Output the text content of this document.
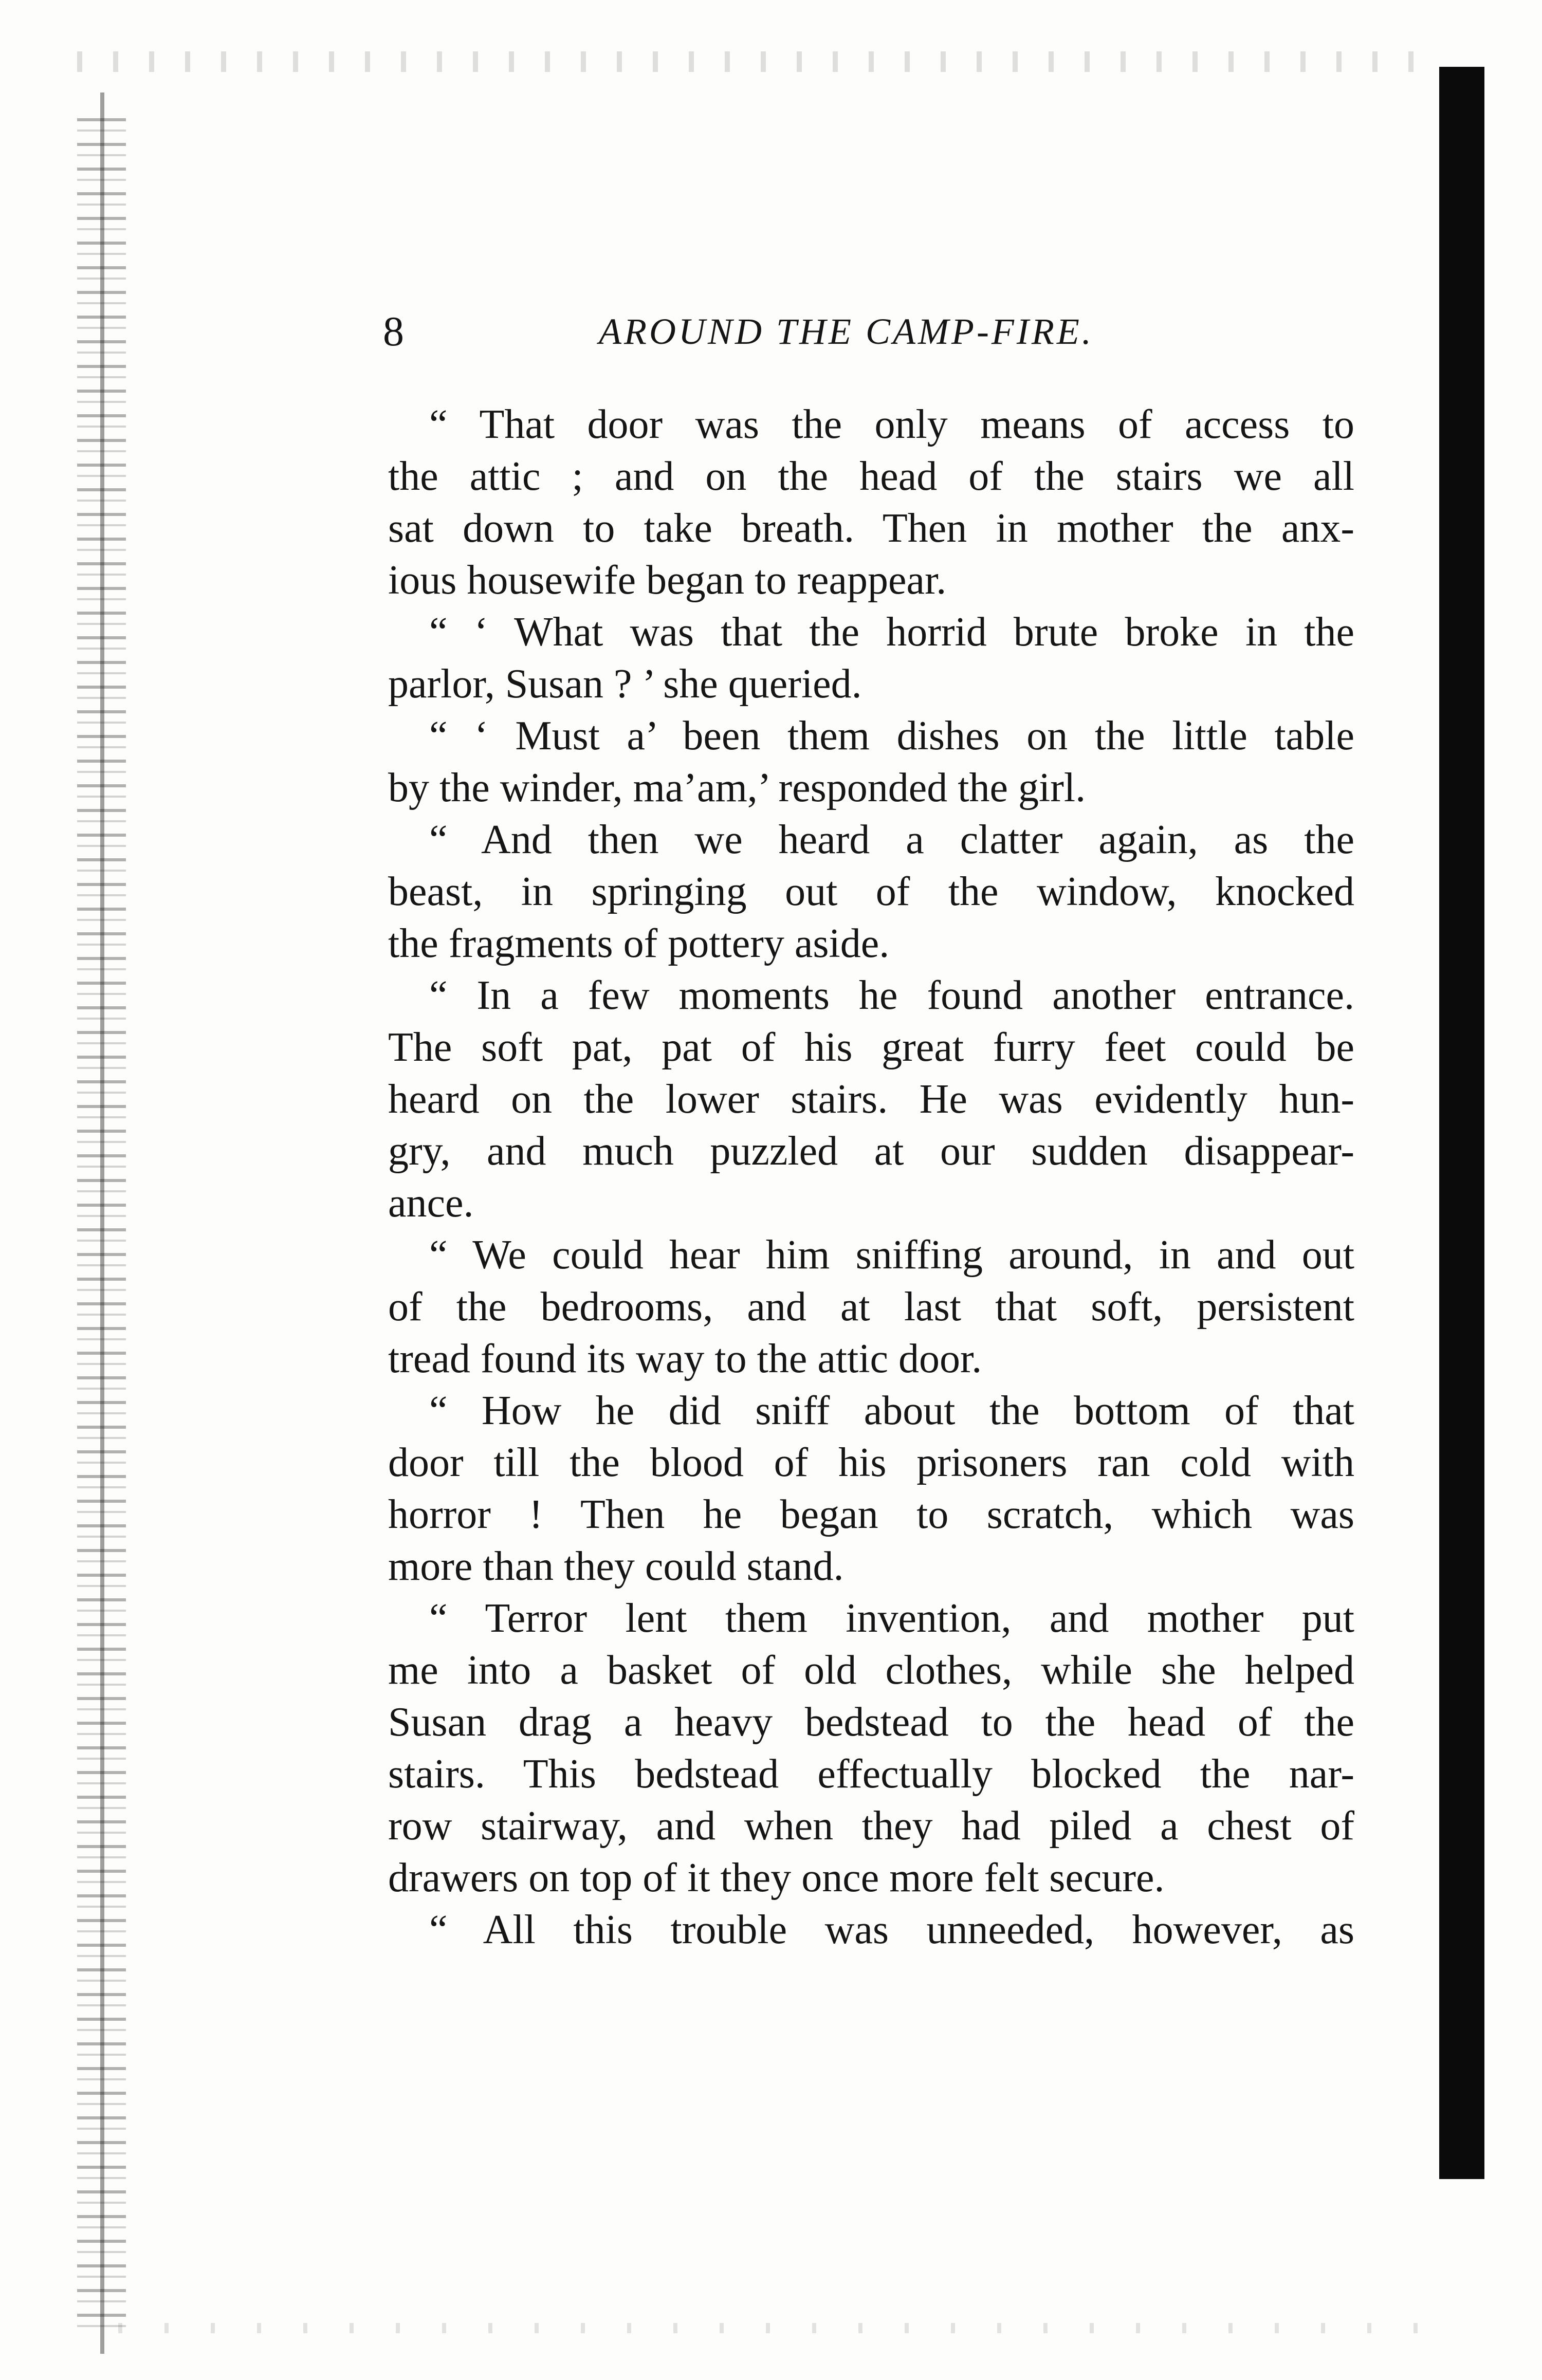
8	AROUND THE CAMP-FIRE.

“ That door was the only means of access to
the attic ; and on the head of the stairs we all
sat down to take breath. Then in mother the anx-
ious housewife began to reappear.

“ ‘ What was that the horrid brute broke in the
parlor, Susan ? ’ she queried.

“ ‘ Must a’ been them dishes on the little table
by the winder, ma’am,’ responded the girl.

“ And then we heard a clatter again, as the
beast, in springing out of the window, knocked
the fragments of pottery aside.

“ In a few moments he found another entrance.
The soft pat, pat of his great furry feet could be
heard on the lower stairs. He was evidently hun-
gry, and much puzzled at our sudden disappear-
ance.

“ We could hear him sniffing around, in and out
of the bedrooms, and at last that soft, persistent
tread found its way to the attic door.

“ How he did sniff about the bottom of that
door till the blood of his prisoners ran cold with
horror ! Then he began to scratch, which was
more than they could stand.

“ Terror lent them invention, and mother put
me into a basket of old clothes, while she helped
Susan drag a heavy bedstead to the head of the
stairs. This bedstead effectually blocked the nar-
row stairway, and when they had piled a chest of
drawers on top of it they once more felt secure.

“ All this trouble was unneeded, however, as
